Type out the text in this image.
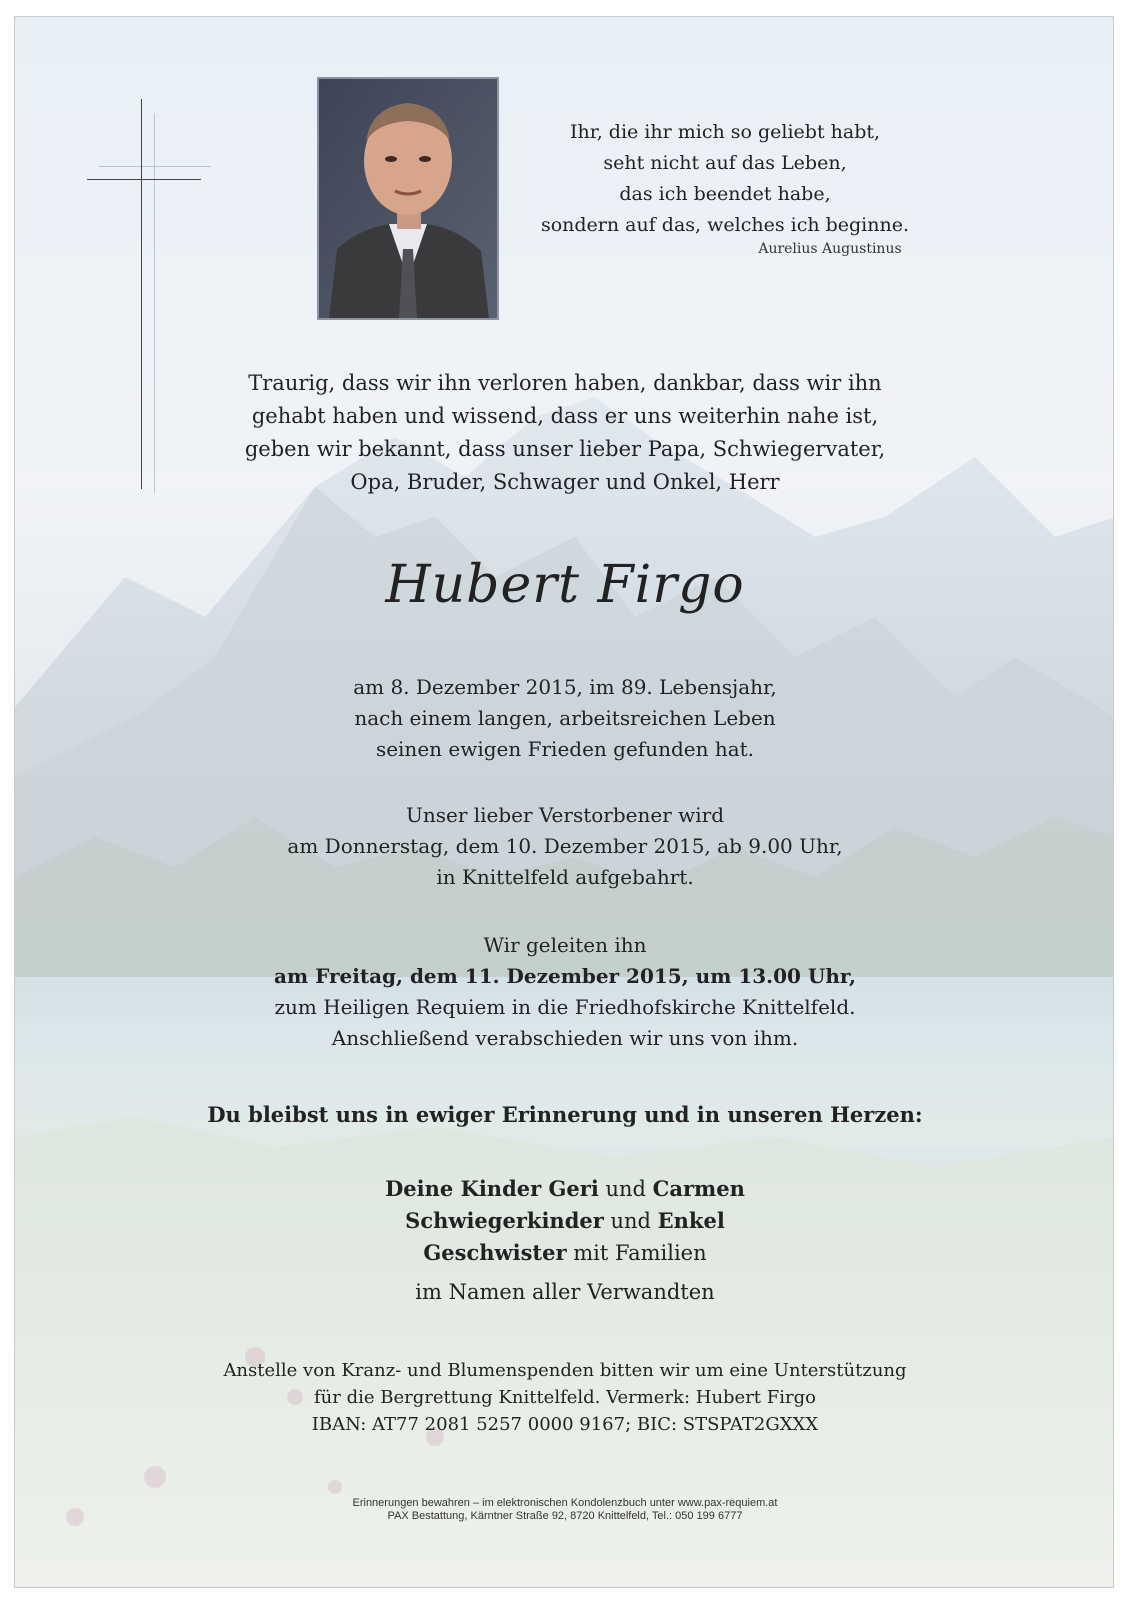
Ihr, die ihr mich so geliebt habt,
seht nicht auf das Leben,
das ich beendet habe,
sondern auf das, welches ich beginne.
Aurelius Augustinus
Traurig, dass wir ihn verloren haben, dankbar, dass wir ihn
gehabt haben und wissend, dass er uns weiterhin nahe ist,
geben wir bekannt, dass unser lieber Papa, Schwiegervater,
Opa, Bruder, Schwager und Onkel, Herr
Hubert Firgo
am 8. Dezember 2015, im 89. Lebensjahr,
nach einem langen, arbeitsreichen Leben
seinen ewigen Frieden gefunden hat.
Unser lieber Verstorbener wird
am Donnerstag, dem 10. Dezember 2015, ab 9.00 Uhr,
in Knittelfeld aufgebahrt.
Wir geleiten ihn
am Freitag, dem 11. Dezember 2015, um 13.00 Uhr,
zum Heiligen Requiem in die Friedhofskirche Knittelfeld.
Anschließend verabschieden wir uns von ihm.
Du bleibst uns in ewiger Erinnerung und in unseren Herzen:
Deine Kinder Geri und Carmen
Schwiegerkinder und Enkel
Geschwister mit Familien
im Namen aller Verwandten
Anstelle von Kranz- und Blumenspenden bitten wir um eine Unterstützung
für die Bergrettung Knittelfeld. Vermerk: Hubert Firgo
IBAN: AT77 2081 5257 0000 9167; BIC: STSPAT2GXXX
Erinnerungen bewahren – im elektronischen Kondolenzbuch unter www.pax-requiem.at
PAX Bestattung, Kärntner Straße 92, 8720 Knittelfeld, Tel.: 050 199 6777
